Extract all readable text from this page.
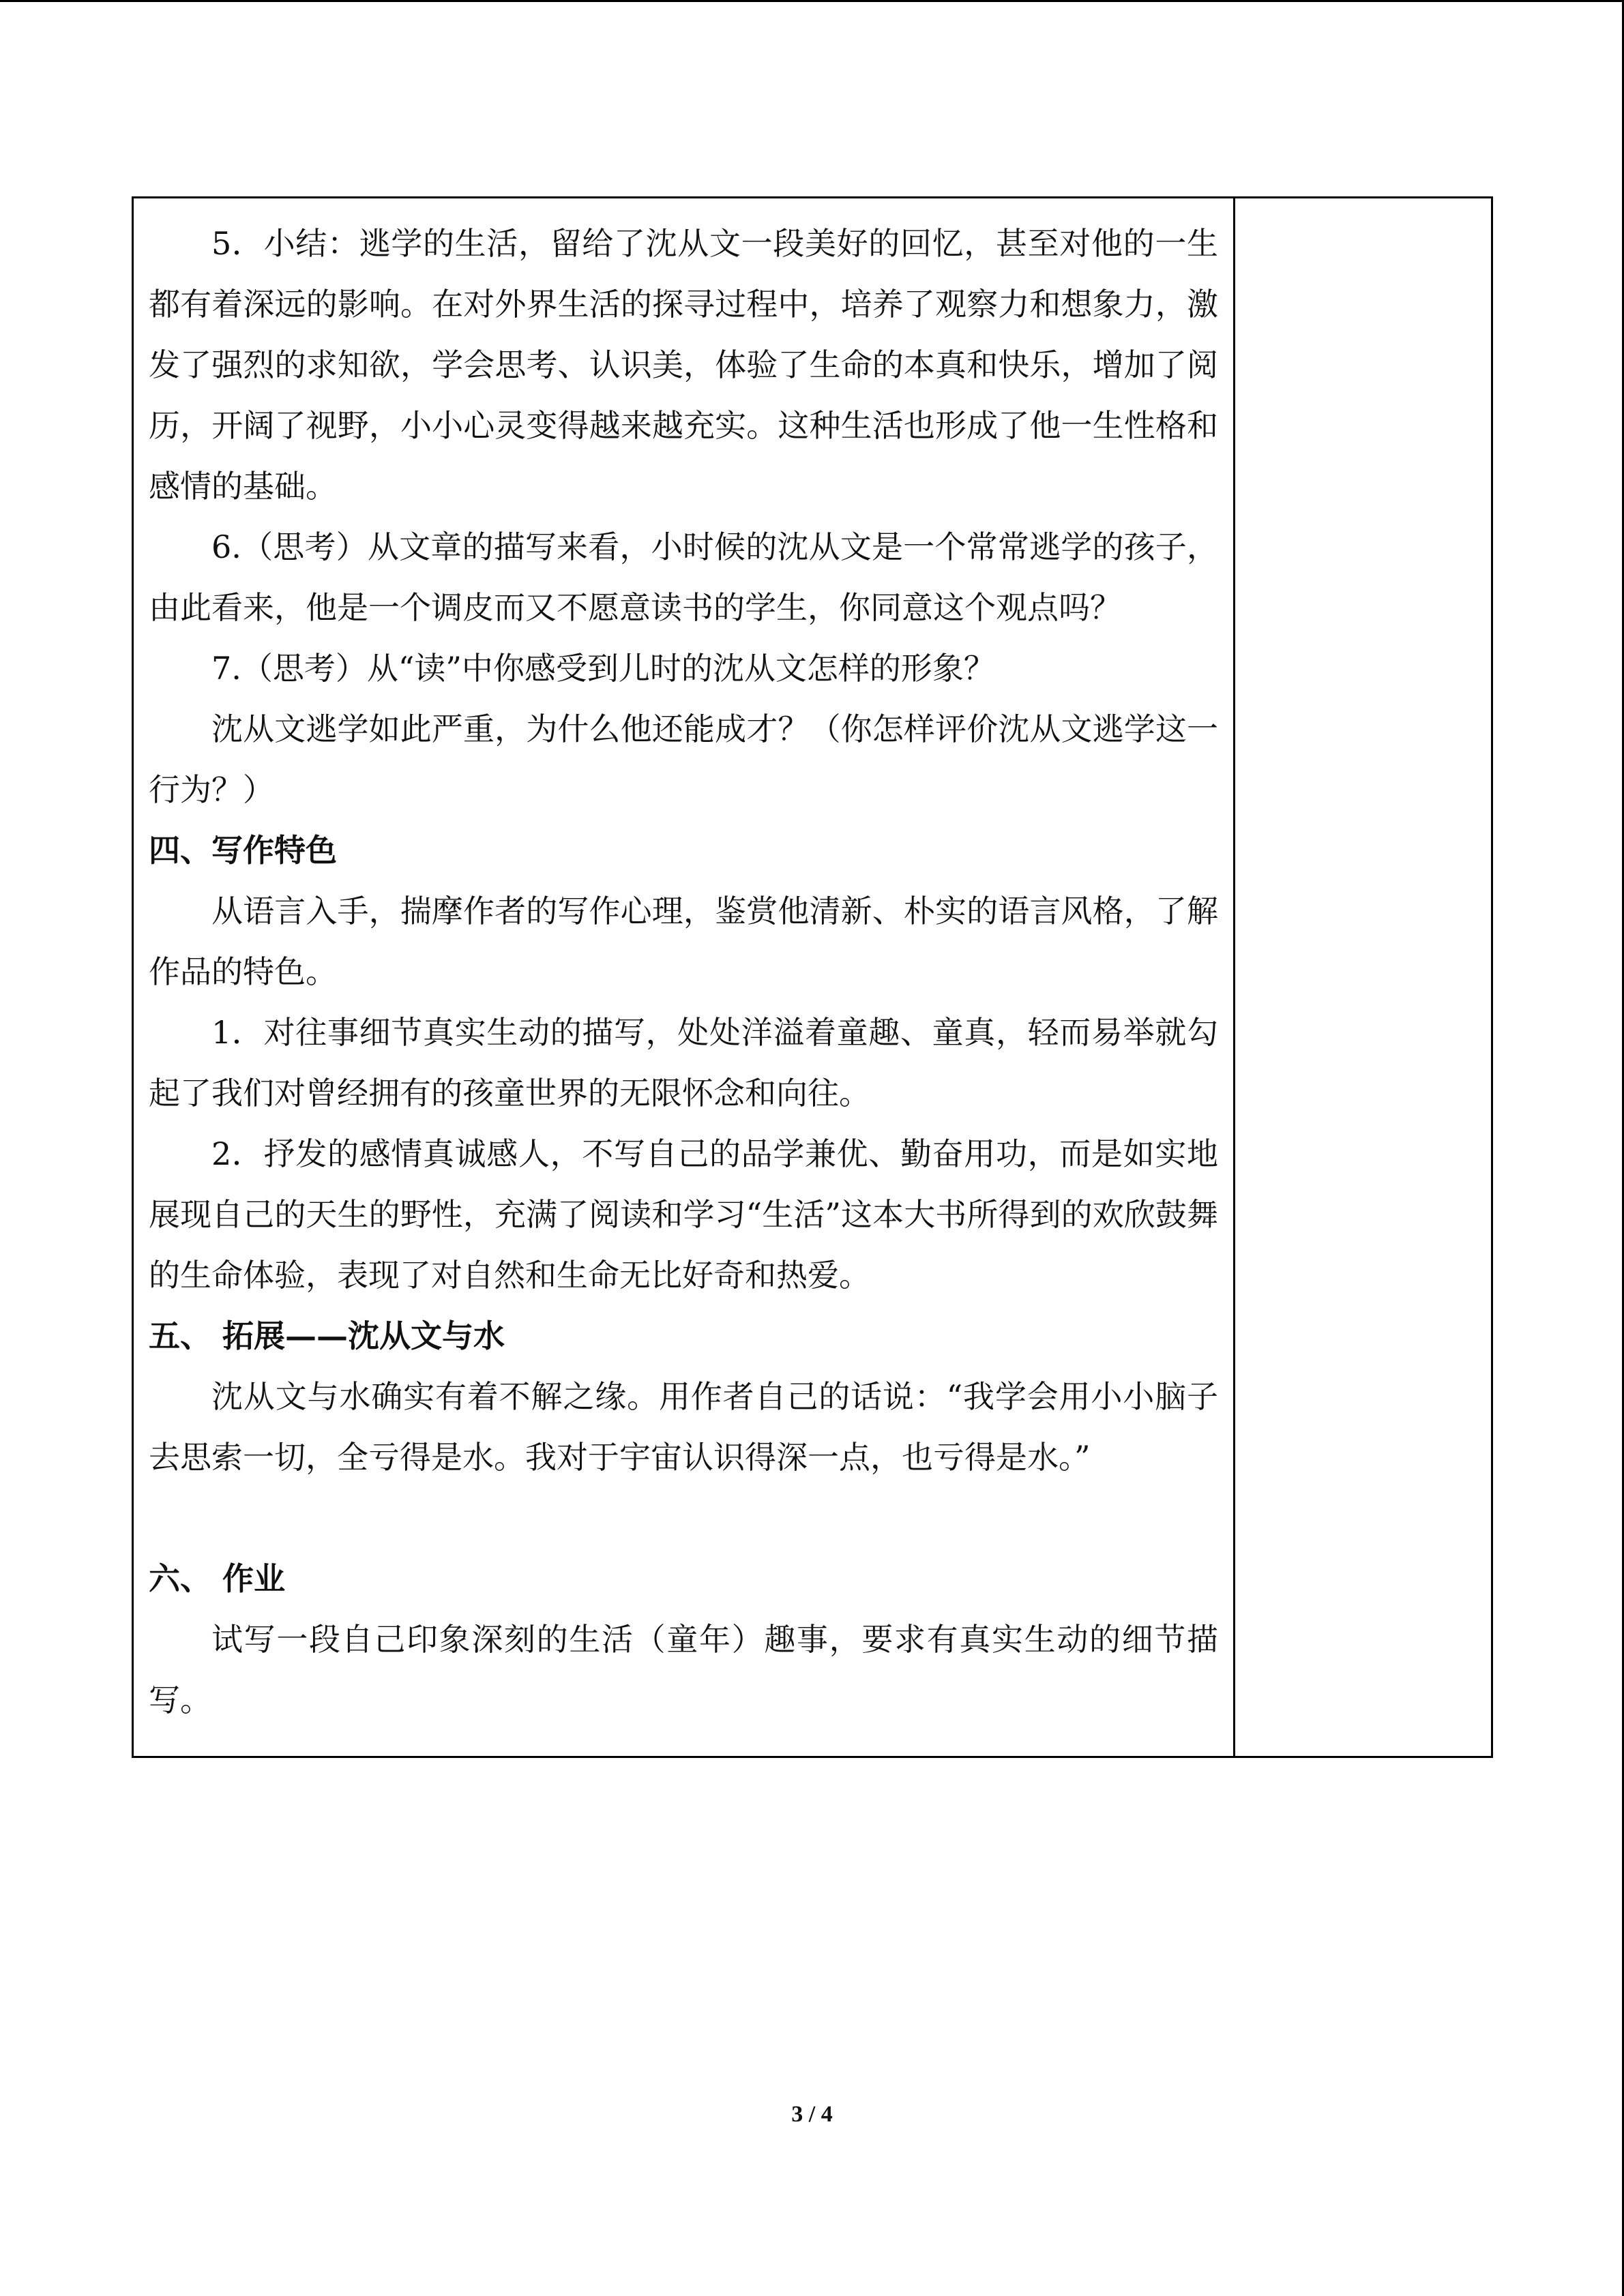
5．小结：逃学的生活，留给了沈从文一段美好的回忆，甚至对他的一生都有着深远的影响。在对外界生活的探寻过程中，培养了观察力和想象力，激发了强烈的求知欲，学会思考、认识美，体验了生命的本真和快乐，增加了阅历，开阔了视野，小小心灵变得越来越充实。这种生活也形成了他一生性格和感情的基础。

6.（思考）从文章的描写来看，小时候的沈从文是一个常常逃学的孩子，由此看来，他是一个调皮而又不愿意读书的学生，你同意这个观点吗？

7.（思考）从“读”中你感受到儿时的沈从文怎样的形象？

沈从文逃学如此严重，为什么他还能成才？（你怎样评价沈从文逃学这一行为？）

四、写作特色

从语言入手，揣摩作者的写作心理，鉴赏他清新、朴实的语言风格，了解作品的特色。

1．对往事细节真实生动的描写，处处洋溢着童趣、童真，轻而易举就勾起了我们对曾经拥有的孩童世界的无限怀念和向往。

2．抒发的感情真诚感人，不写自己的品学兼优、勤奋用功，而是如实地展现自己的天生的野性，充满了阅读和学习“生活”这本大书所得到的欢欣鼓舞的生命体验，表现了对自然和生命无比好奇和热爱。

五、 拓展——沈从文与水

沈从文与水确实有着不解之缘。用作者自己的话说：“我学会用小小脑子去思索一切，全亏得是水。我对于宇宙认识得深一点，也亏得是水。”

六、 作业

试写一段自己印象深刻的生活（童年）趣事，要求有真实生动的细节描写。

3 / 4
